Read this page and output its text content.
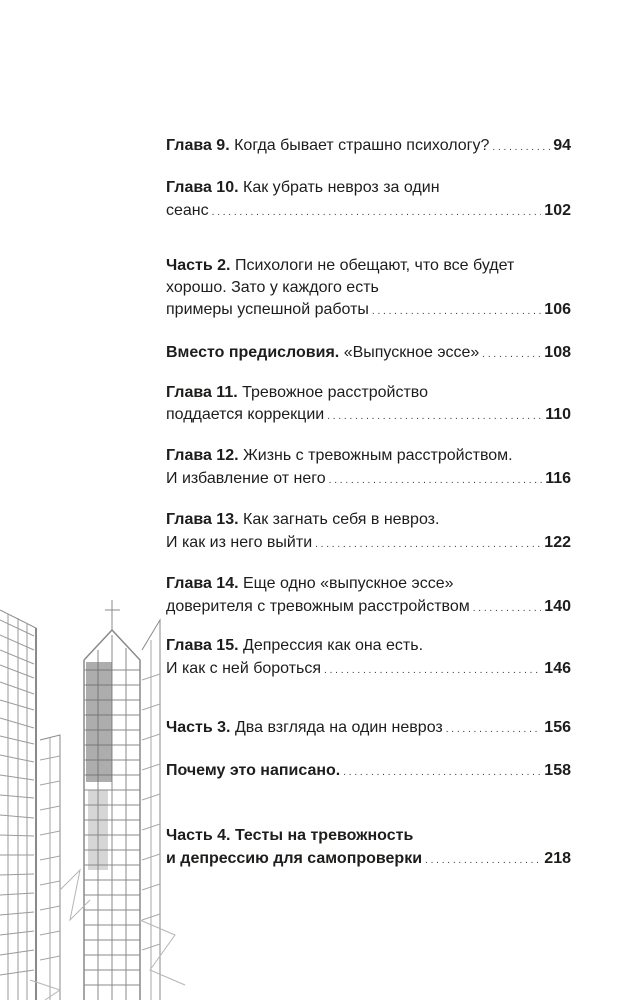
Глава 9. Когда бывает страшно психологу? . . .	94
Глава 10. Как убрать невроз за один
сеанс . . .	102
Часть 2. Психологи не обещают, что все будет
хорошо. Зато у каждого есть
примеры успешной работы . . .	106
Вместо предисловия. «Выпускное эссе» . . .	108
Глава 11. Тревожное расстройство
поддается коррекции . . .	110
Глава 12. Жизнь с тревожным расстройством.
И избавление от него . . .	116
Глава 13. Как загнать себя в невроз.
И как из него выйти . . .	122
Глава 14. Еще одно «выпускное эссе»
доверителя с тревожным расстройством . . .	140
Глава 15. Депрессия как она есть.
И как с ней бороться . . .	146
Часть 3. Два взгляда на один невроз . . .	156
Почему это написано. . . .	158
Часть 4. Тесты на тревожность
и депрессию для самопроверки . . .	218
